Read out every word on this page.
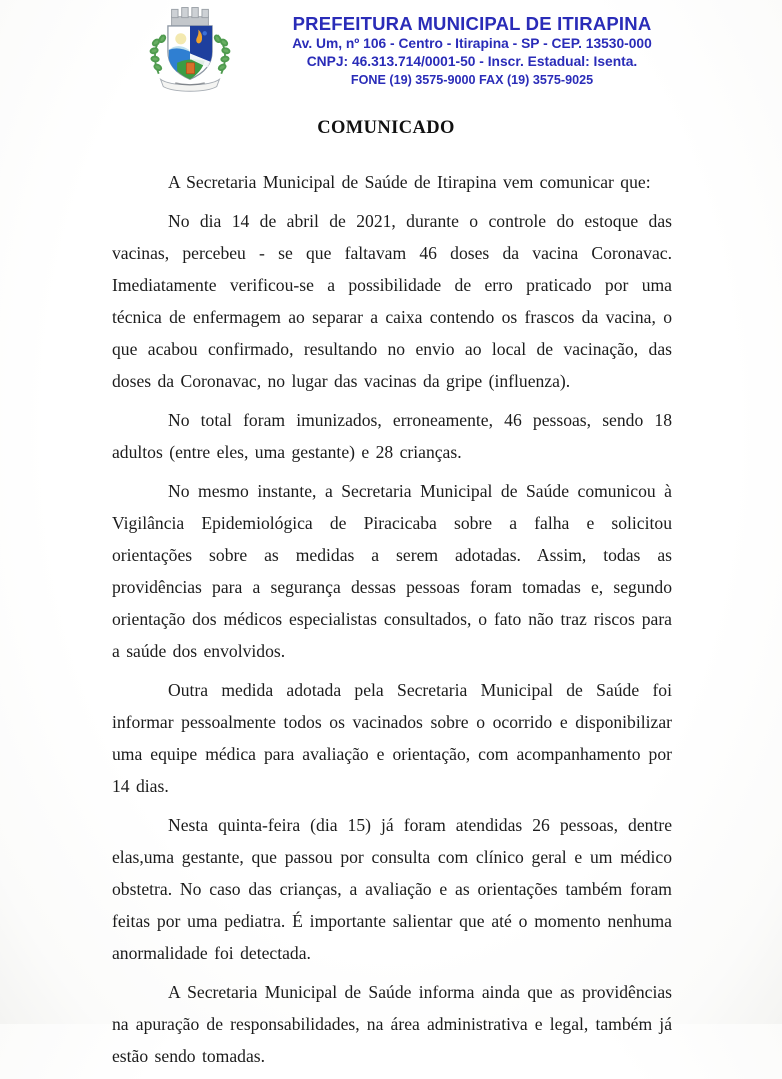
PREFEITURA MUNICIPAL DE ITIRAPINA
Av. Um, nº 106 - Centro - Itirapina - SP - CEP. 13530-000
CNPJ: 46.313.714/0001-50 - Inscr. Estadual: Isenta.
FONE (19) 3575-9000 FAX (19) 3575-9025
COMUNICADO

A Secretaria Municipal de Saúde de Itirapina vem comunicar que:

No dia 14 de abril de 2021, durante o controle do estoque das vacinas, percebeu - se que faltavam 46 doses da vacina Coronavac. Imediatamente verificou-se a possibilidade de erro praticado por uma técnica de enfermagem ao separar a caixa contendo os frascos da vacina, o que acabou confirmado, resultando no envio ao local de vacinação, das doses da Coronavac, no lugar das vacinas da gripe (influenza).

No total foram imunizados, erroneamente, 46 pessoas, sendo 18 adultos (entre eles, uma gestante) e 28 crianças.

No mesmo instante, a Secretaria Municipal de Saúde comunicou à Vigilância Epidemiológica de Piracicaba sobre a falha e solicitou orientações sobre as medidas a serem adotadas. Assim, todas as providências para a segurança dessas pessoas foram tomadas e, segundo orientação dos médicos especialistas consultados, o fato não traz riscos para a saúde dos envolvidos.

Outra medida adotada pela Secretaria Municipal de Saúde foi informar pessoalmente todos os vacinados sobre o ocorrido e disponibilizar uma equipe médica para avaliação e orientação, com acompanhamento por 14 dias.

Nesta quinta-feira (dia 15) já foram atendidas 26 pessoas, dentre elas,uma gestante, que passou por consulta com clínico geral e um médico obstetra. No caso das crianças, a avaliação e as orientações também foram feitas por uma pediatra. É importante salientar que até o momento nenhuma anormalidade foi detectada.

A Secretaria Municipal de Saúde informa ainda que as providências na apuração de responsabilidades, na área administrativa e legal, também já estão sendo tomadas.
